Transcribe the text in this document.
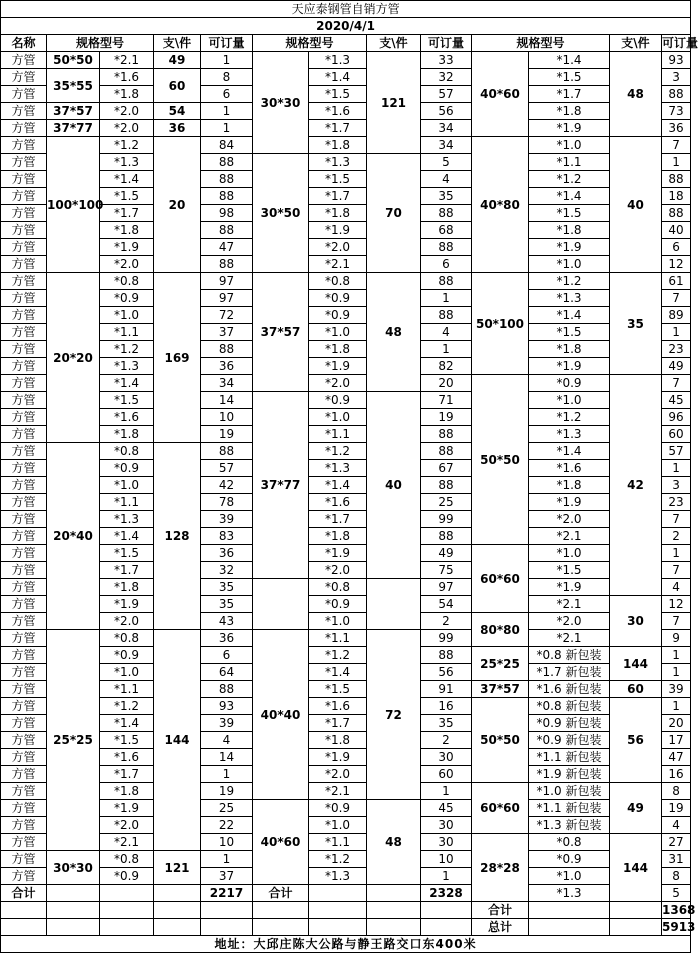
天应泰钢管自销方管												
2020/4/1												
名称	规格型号		支\件	可订量	规格型号		支\件	可订量	规格型号		支\件	可订量
方管	50*50	*2.1	49	1	30*30	*1.3	121	33	40*60	*1.4	48	93
方管	35*55	*1.6	60	8		*1.4		32		*1.5		3
方管		*1.8		6		*1.5		57		*1.7		88
方管	37*57	*2.0	54	1		*1.6		56		*1.8		73
方管	37*77	*2.0	36	1		*1.7		34		*1.9		36
方管	100*100	*1.2	20	84		*1.8		34	40*80	*1.0	40	7
方管		*1.3		88	30*50	*1.3	70	5		*1.1		1
方管		*1.4		88		*1.5		4		*1.2		88
方管		*1.5		88		*1.7		35		*1.4		18
方管		*1.7		98		*1.8		88		*1.5		88
方管		*1.8		88		*1.9		68		*1.8		40
方管		*1.9		47		*2.0		88		*1.9		6
方管		*2.0		88		*2.1		6		*1.0		12
方管	20*20	*0.8	169	97	37*57	*0.8	48	88	50*100	*1.2	35	61
方管		*0.9		97		*0.9		1		*1.3		7
方管		*1.0		72		*0.9		88		*1.4		89
方管		*1.1		37		*1.0		4		*1.5		1
方管		*1.2		88		*1.8		1		*1.8		23
方管		*1.3		36		*1.9		82		*1.9		49
方管		*1.4		34		*2.0		20	50*50	*0.9	42	7
方管		*1.5		14	37*77	*0.9	40	71		*1.0		45
方管		*1.6		10		*1.0		19		*1.2		96
方管		*1.8		19		*1.1		88		*1.3		60
方管	20*40	*0.8	128	88		*1.2		88		*1.4		57
方管		*0.9		57		*1.3		67		*1.6		1
方管		*1.0		42		*1.4		88		*1.8		3
方管		*1.1		78		*1.6		25		*1.9		23
方管		*1.3		39		*1.7		99		*2.0		7
方管		*1.4		83		*1.8		88		*2.1		2
方管		*1.5		36		*1.9		49	60*60	*1.0		1
方管		*1.7		32		*2.0		75		*1.5		7
方管		*1.8		35		*0.8		97		*1.9		4
方管		*1.9		35		*0.9		54		*2.1	30	12
方管		*2.0		43		*1.0		2	80*80	*2.0		7
方管	25*25	*0.8	144	36	40*40	*1.1	72	99		*2.1		9
方管		*0.9		6		*1.2		88	25*25	*0.8 新包装	144	1
方管		*1.0		64		*1.4		56		*1.7 新包装		1
方管		*1.1		88		*1.5		91	37*57	*1.6 新包装	60	39
方管		*1.2		93		*1.6		16	50*50	*0.8 新包装	56	1
方管		*1.4		39		*1.7		35		*0.9 新包装		20
方管		*1.5		4		*1.8		2		*0.9 新包装		17
方管		*1.6		14		*1.9		30		*1.1 新包装		47
方管		*1.7		1		*2.0		60		*1.9 新包装		16
方管		*1.8		19		*2.1		1	60*60	*1.0 新包装	49	8
方管		*1.9		25	40*60	*0.9	48	45		*1.1 新包装		19
方管		*2.0		22		*1.0		30		*1.3 新包装		4
方管		*2.1		10		*1.1		30	28*28	*0.8	144	27
方管	30*30	*0.8	121	1		*1.2		10		*0.9		31
方管		*0.9		37		*1.3		1		*1.0		8
合计				2217	合计			2328		*1.3		5
									合计			1368
									总计			5913
地址：大邱庄陈大公路与静王路交口东400米												
